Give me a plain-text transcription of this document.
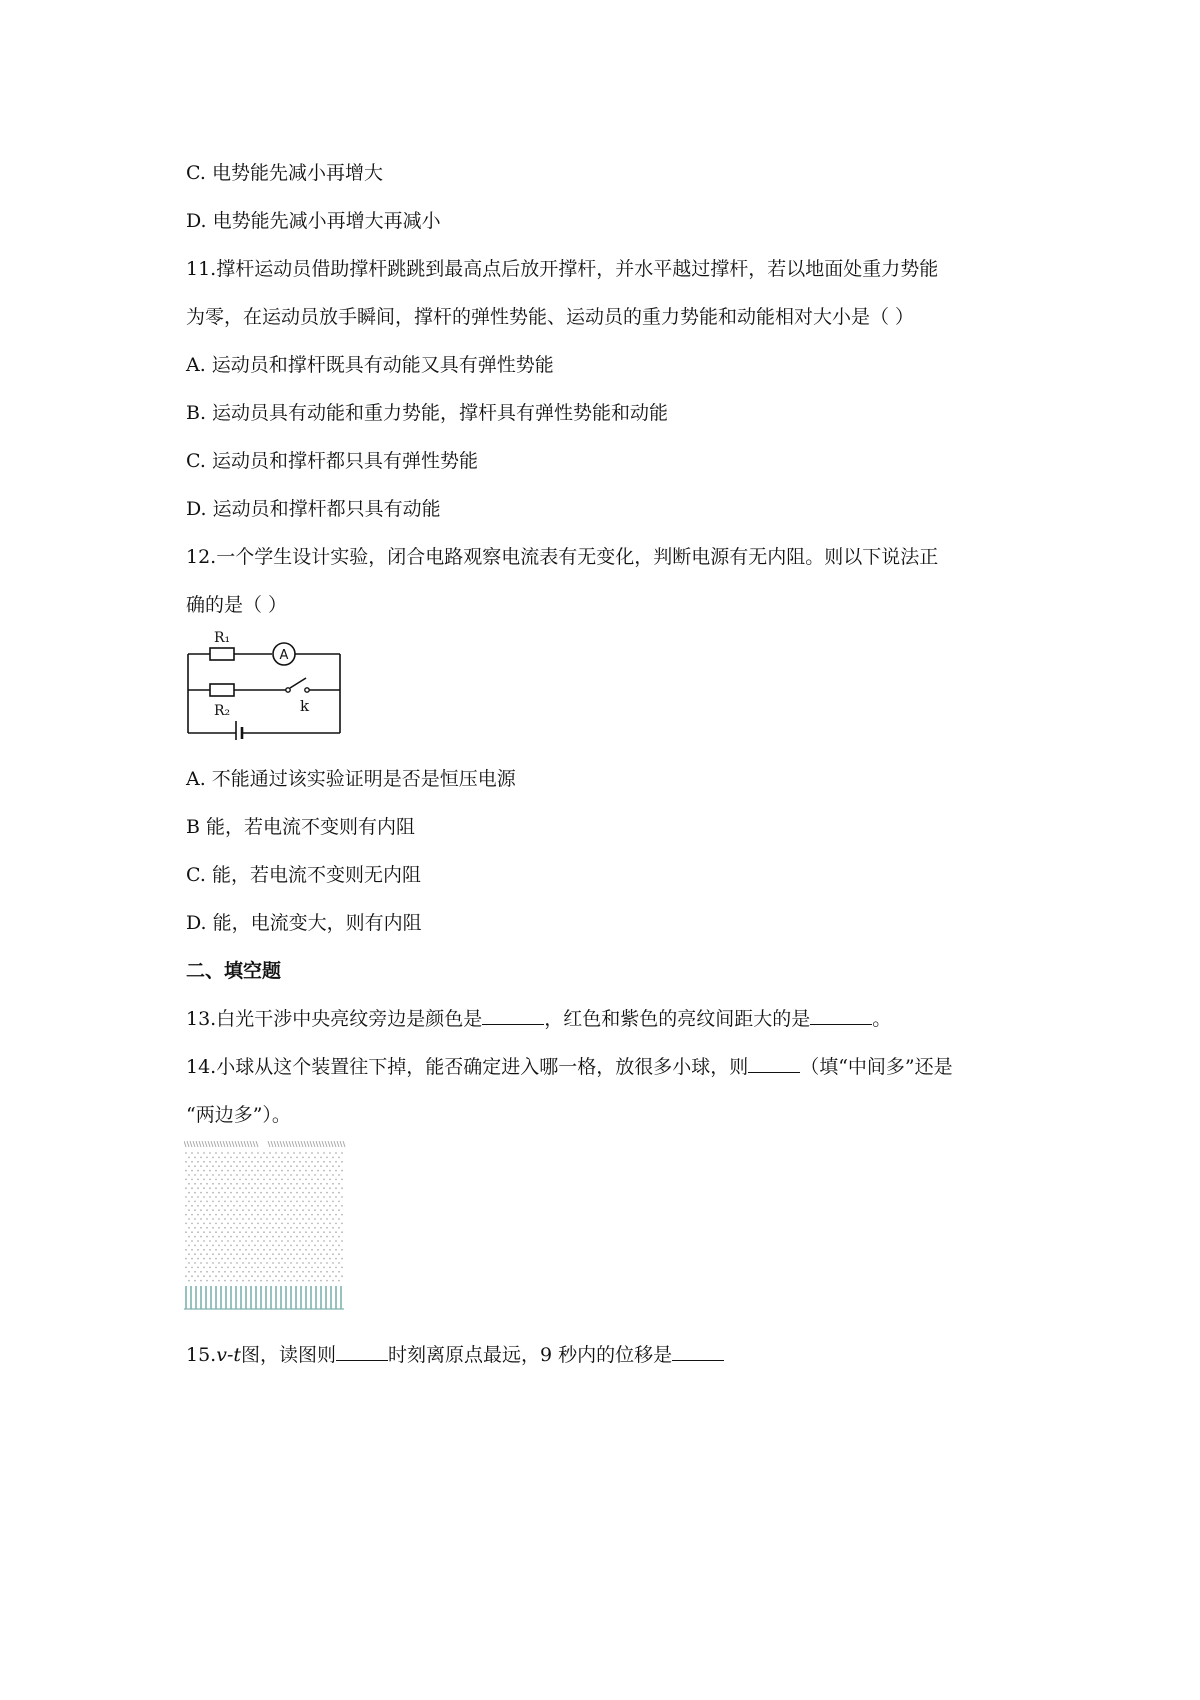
C. 电势能先减小再增大
D. 电势能先减小再增大再减小
11.撑杆运动员借助撑杆跳跳到最高点后放开撑杆，并水平越过撑杆，若以地面处重力势能
为零，在运动员放手瞬间，撑杆的弹性势能、运动员的重力势能和动能相对大小是（ ）
A. 运动员和撑杆既具有动能又具有弹性势能
B. 运动员具有动能和重力势能，撑杆具有弹性势能和动能
C. 运动员和撑杆都只具有弹性势能
D. 运动员和撑杆都只具有动能
12.一个学生设计实验，闭合电路观察电流表有无变化，判断电源有无内阻。则以下说法正
确的是（ ）
R₁
R₂
A
k
A. 不能通过该实验证明是否是恒压电源
B 能，若电流不变则有内阻
C. 能，若电流不变则无内阻
D. 能，电流变大，则有内阻
二、填空题
13.白光干涉中央亮纹旁边是颜色是	，红色和紫色的亮纹间距大的是	。
14.小球从这个装置往下掉，能否确定进入哪一格，放很多小球，则	（填“中间多”还是
“两边多”）。
15.v-t图，读图则	时刻离原点最远，9 秒内的位移是
